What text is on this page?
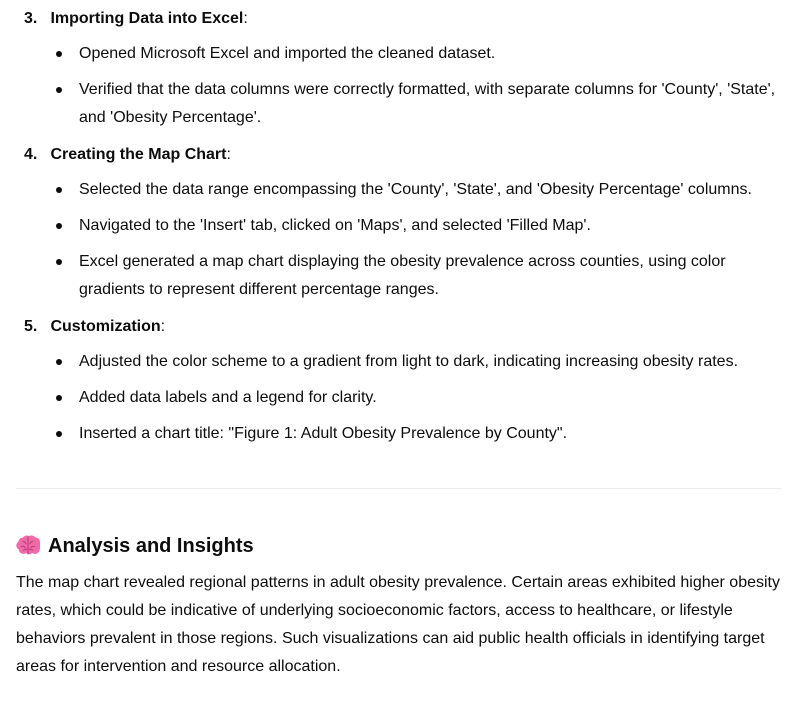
3. Importing Data into Excel:
Opened Microsoft Excel and imported the cleaned dataset.
Verified that the data columns were correctly formatted, with separate columns for 'County', 'State', and 'Obesity Percentage'.
4. Creating the Map Chart:
Selected the data range encompassing the 'County', 'State', and 'Obesity Percentage' columns.
Navigated to the 'Insert' tab, clicked on 'Maps', and selected 'Filled Map'.
Excel generated a map chart displaying the obesity prevalence across counties, using color gradients to represent different percentage ranges.
5. Customization:
Adjusted the color scheme to a gradient from light to dark, indicating increasing obesity rates.
Added data labels and a legend for clarity.
Inserted a chart title: "Figure 1: Adult Obesity Prevalence by County".
Analysis and Insights
The map chart revealed regional patterns in adult obesity prevalence. Certain areas exhibited higher obesity rates, which could be indicative of underlying socioeconomic factors, access to healthcare, or lifestyle behaviors prevalent in those regions. Such visualizations can aid public health officials in identifying target areas for intervention and resource allocation.
